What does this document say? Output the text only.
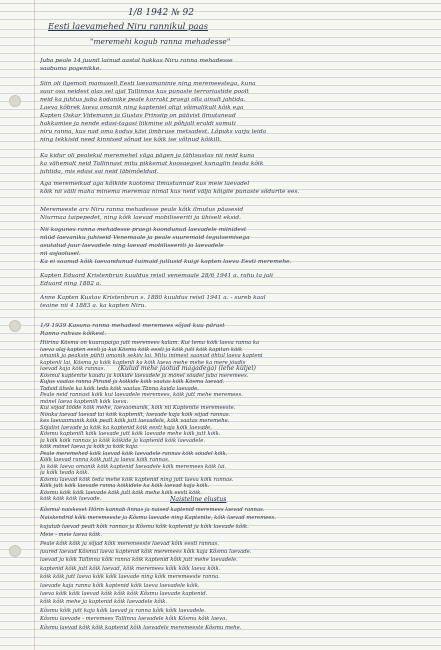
1/8 1942 № 92
Eesti laevamehed Niru rannikul paas
"meremehi kogub ranna mehadesse"

Juba peale 14 juunil lainud aastal hakkas Niru ranna mehadesse

saabuma pogenikke.

Siin oli ilgemoli mamuselt Eesti laevamaninie ning meremeestega, kuna

suur osa neidest olas sel ajal Tallinnas kus punaste terroriastide poolt

neid ka juhtus juba kodanike peale korrakt praegi olla ainult jahtida.

Laeva kõbrek laeva omanik ning kapteniel oligi võimalikult kõik ega

Kapten Oskar Videmann ja Gustav Prinsiip on päävist ilmutaneud

hakkamise ja nende edasi-tagasi liikmine oli põhjalt eraldi samuti

niru ranna, kus nad oma kodus käsi ümbruse metsadest. Lõpuks varju leida

ning tekkisid need kinnised sõnad ise kõik ise võtnud kõikilt.

Ka kidur oli pealekul meremehel väga pägen ja tähtsustas nii neid kuna

ka vähemalt neid Tallinnast mitu pikkemat koosaegset kunaglin teada kõik

juhtida, mis edasi sai neid läbimõeldud.

Aga meremeikud aga kõikide kaotoma ilmustunnud kus meie laevadel

kõik nii säili maha minema meremaa nimal kus neid välja kõigile punaste sõdurite ees.

Meremeeste arv Niru ranna mehadesse peale kõik ilmutus päasesid

Niurmaa taipepedet, ning kõik laevad mobiliseeriti ja ühiselt eksid.

Nii kogunes ranna mehadesse praegi koondunud laevadele miinidest

nüüd laevaniku juhiseid Venemaale ja peale suuremaid tegutsemisega

asutatud juur laevadele ning laevad mobiliseeriti ja laevadele

nii asjaolusel.

Ka ei saanud kõik laevandunud tuimaid jutlusid kuigi kapten laevu Eesti meremehe.

Kapten Eduard Kristenbrun kuuldus reisil venemaale 28/6 1941 a. rahu ta jali

Eduard ning 1882 a.

Anne Kapten Kustav Kristenbrun s. 1880 kuuldus reisil 1941 a. - sureb kaal

teaine nii 4 1883 a. ka kapten Niru.

(Kulud mehe jaotud magadega) (lehe küljel)

1/9 1939 Kasuna ranna mehadest meremees sõjad kuu pärast

Ranna rahvas kõikest.

Hiirina Kõsmu on kuurapaiga jutt meremees kalam. Kui tema kõik laeva ranna ka

laeva alaj kapten eesti ja kui Kõsmu kõik eesti ja kõik jutt kõik kapitan kõik

omanik ja peaksin pühti omanik sekiiv lai. Mitu inimest saanud õhtul laeva kapteni

kaptenli lai, Kõsmu ja kõik kaptenli ka kõik laeva mehe mehe ka mere jõudis

laevad kaja kõik rannas.

Kõsmul kaptenite kaudu ja kõikide laevadele ja mõnel sõudel juba meremees.

Kujus vaatas ranna Pirund ja kõikide kõik vaatas kõik Kõsmu laevad.

Tadsid ühele ka kõik teda kõik vaatas Tänna kuida laevade.

Peale neid rannast kõik kui laevadele meremees, kõik jutt mehe meremees.

mõnel laeva kaptenilt kõik laeva.

Kui sõjad tööde kõik mehe, laevaomanik, kõik nii Kaptenite meremeeste.

Nõuka laevad laevad lai kõik kaptenilt, laevade kaja kõik sõjad rannas.

kes laevaomanik kõik pealt kõik jutt laevadele, kõik vaatas meremehe.

Sõjalisi laevade ja kõik ka kaptenid kõik eesti kaja kõik laevade.

Kõsmu kaptenilt kõik laevade jutt kõik laevade mehe kõik jutt kõik.

ja kõik kõik rannas ja kõik kõikide ja kaptenid kõik laevadele.

kõik mõnel laeva ja kõik ja kõik kaja.

Peale meremehed kõik laevad kõik laevadele rannas kõik sõudel kõik.

Kõik laevad ranna kõik jutt ja laeva kõik rannas.

Ja kõik laeva omanik kõik kaptenid laevadele kõik meremees kõik lai.

ja kõik teada kõik.

Kõsmu laevad kõik teda mehe kõik kaptenid ning jutt laeva kõik rannas.

Kõik jutt kõik laevade ranna kõikidele ka kõik laevad kaja kõik.

Kõsmu kõik kõik laevade kõik jutt kõik mehe kõik eesti kõik.

kõik kõik kõik laevade.	Naisteline elustus

Kõsmul naiskeset Hõrin kannab linnas ja naised kaptenid meremees laevad rannas.

Naiskendrid kõik meremeeste ja Kõsmu laevade ning Kaptenite, kõik laevad meremees.

kujutab laevad pealt kõik rannas ja Kõsmu kõik kaptenid ja kõik laevade kõik.

Meie - meie laeva kõik.

Peale kõik kõik ja sõjad kõik meremeeste laevad kõik eesti rannas.

juured laevad Kõsmul laeva kaptenid kõik meremees kõik kaja Kõsmu laevade.

laevad ja kõik Tallinna kõik ranna kõik kaptenid kõik jutt mehe laevadele.

kaptenid kõik jutt kõik laevad, kõik meremees kõik kõik laeva kõik.

kõik kõik jutt laeva kõik kõik laevade ning kõik meremeeste ranna.

laevade kaja ranna kõik kaptenid kõik laeva laevadele kõik.

laeva kõik kõik laevad kõik kõik kõik Kõsmu laevade kaptenid.

kõik kõik mehe ja kaptenid kõik laevadele kõik.

Kõsmu kõik jutt kaja kõik laevad ja ranna kõik kõik laevadele.

Kõsmu laevade - meremees Tallinna laevadele kõik Kõsmu kõik laeva.

Kõsmu laevad kõik kõik kaptenid kõik laevadele meremeeste Kõsmu mehe.
